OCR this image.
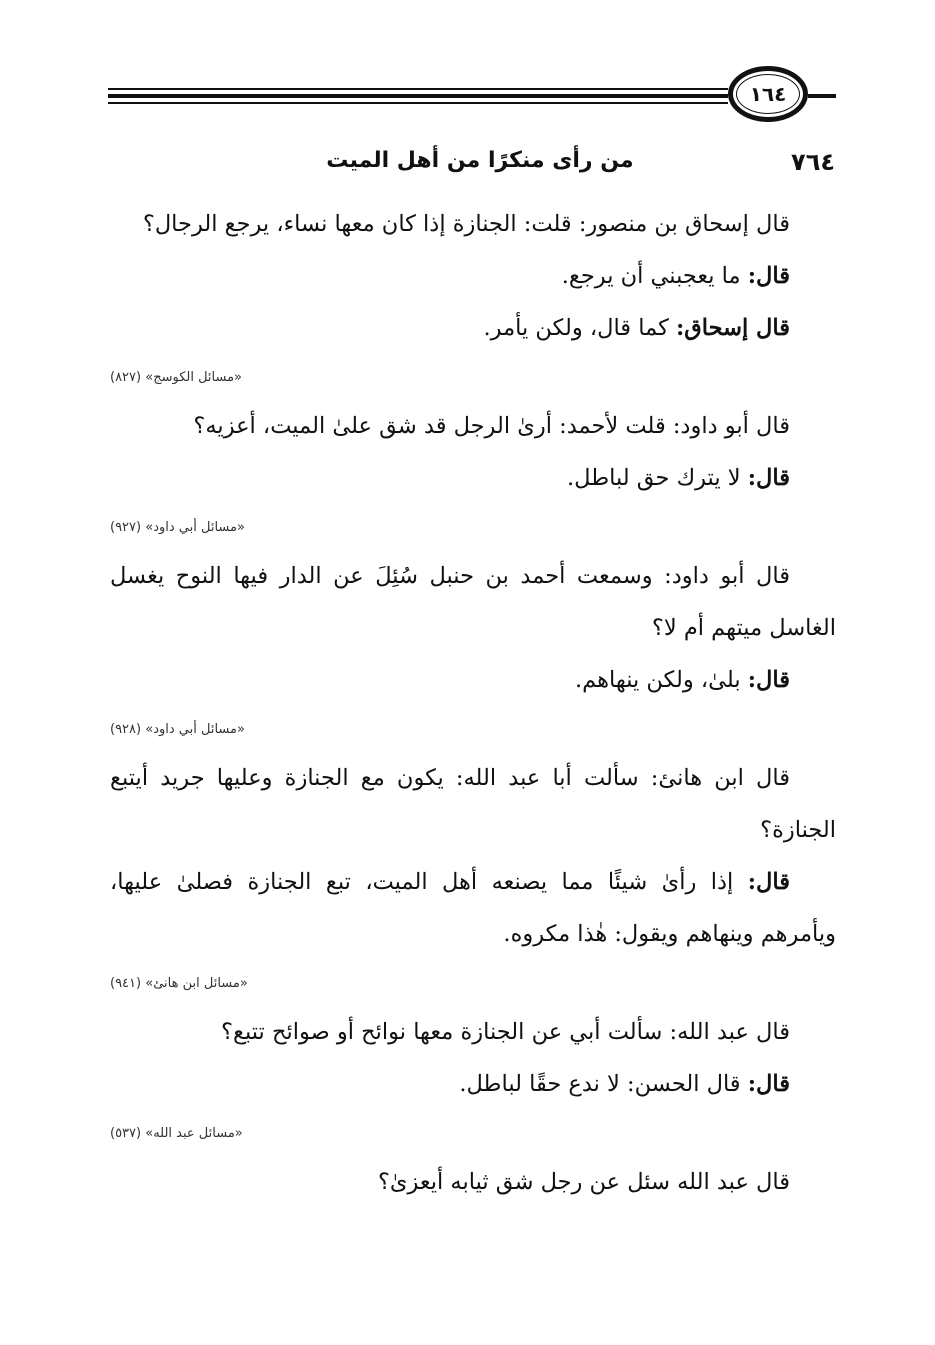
١٦٤
٧٦٤
من رأى منكرًا من أهل الميت

قال إسحاق بن منصور: قلت: الجنازة إذا كان معها نساء، يرجع الرجال؟

قال: ما يعجبني أن يرجع.

قال إسحاق: كما قال، ولكن يأمر.

«مسائل الكوسج» (٨٢٧)

قال أبو داود: قلت لأحمد: أرىٰ الرجل قد شق علىٰ الميت، أعزيه؟

قال: لا يترك حق لباطل.

«مسائل أبي داود» (٩٢٧)

قال أبو داود: وسمعت أحمد بن حنبل سُئِلَ عن الدار فيها النوح يغسل الغاسل ميتهم أم لا؟

قال: بلىٰ، ولكن ينهاهم.

«مسائل أبي داود» (٩٢٨)

قال ابن هانئ: سألت أبا عبد الله: يكون مع الجنازة وعليها جريد أيتبع الجنازة؟

قال: إذا رأىٰ شيئًا مما يصنعه أهل الميت، تبع الجنازة فصلىٰ عليها، ويأمرهم وينهاهم ويقول: هٰذا مكروه.

«مسائل ابن هانئ» (٩٤١)

قال عبد الله: سألت أبي عن الجنازة معها نوائح أو صوائح تتبع؟

قال: قال الحسن: لا ندع حقًا لباطل.

«مسائل عبد الله» (٥٣٧)

قال عبد الله سئل عن رجل شق ثيابه أيعزىٰ؟
